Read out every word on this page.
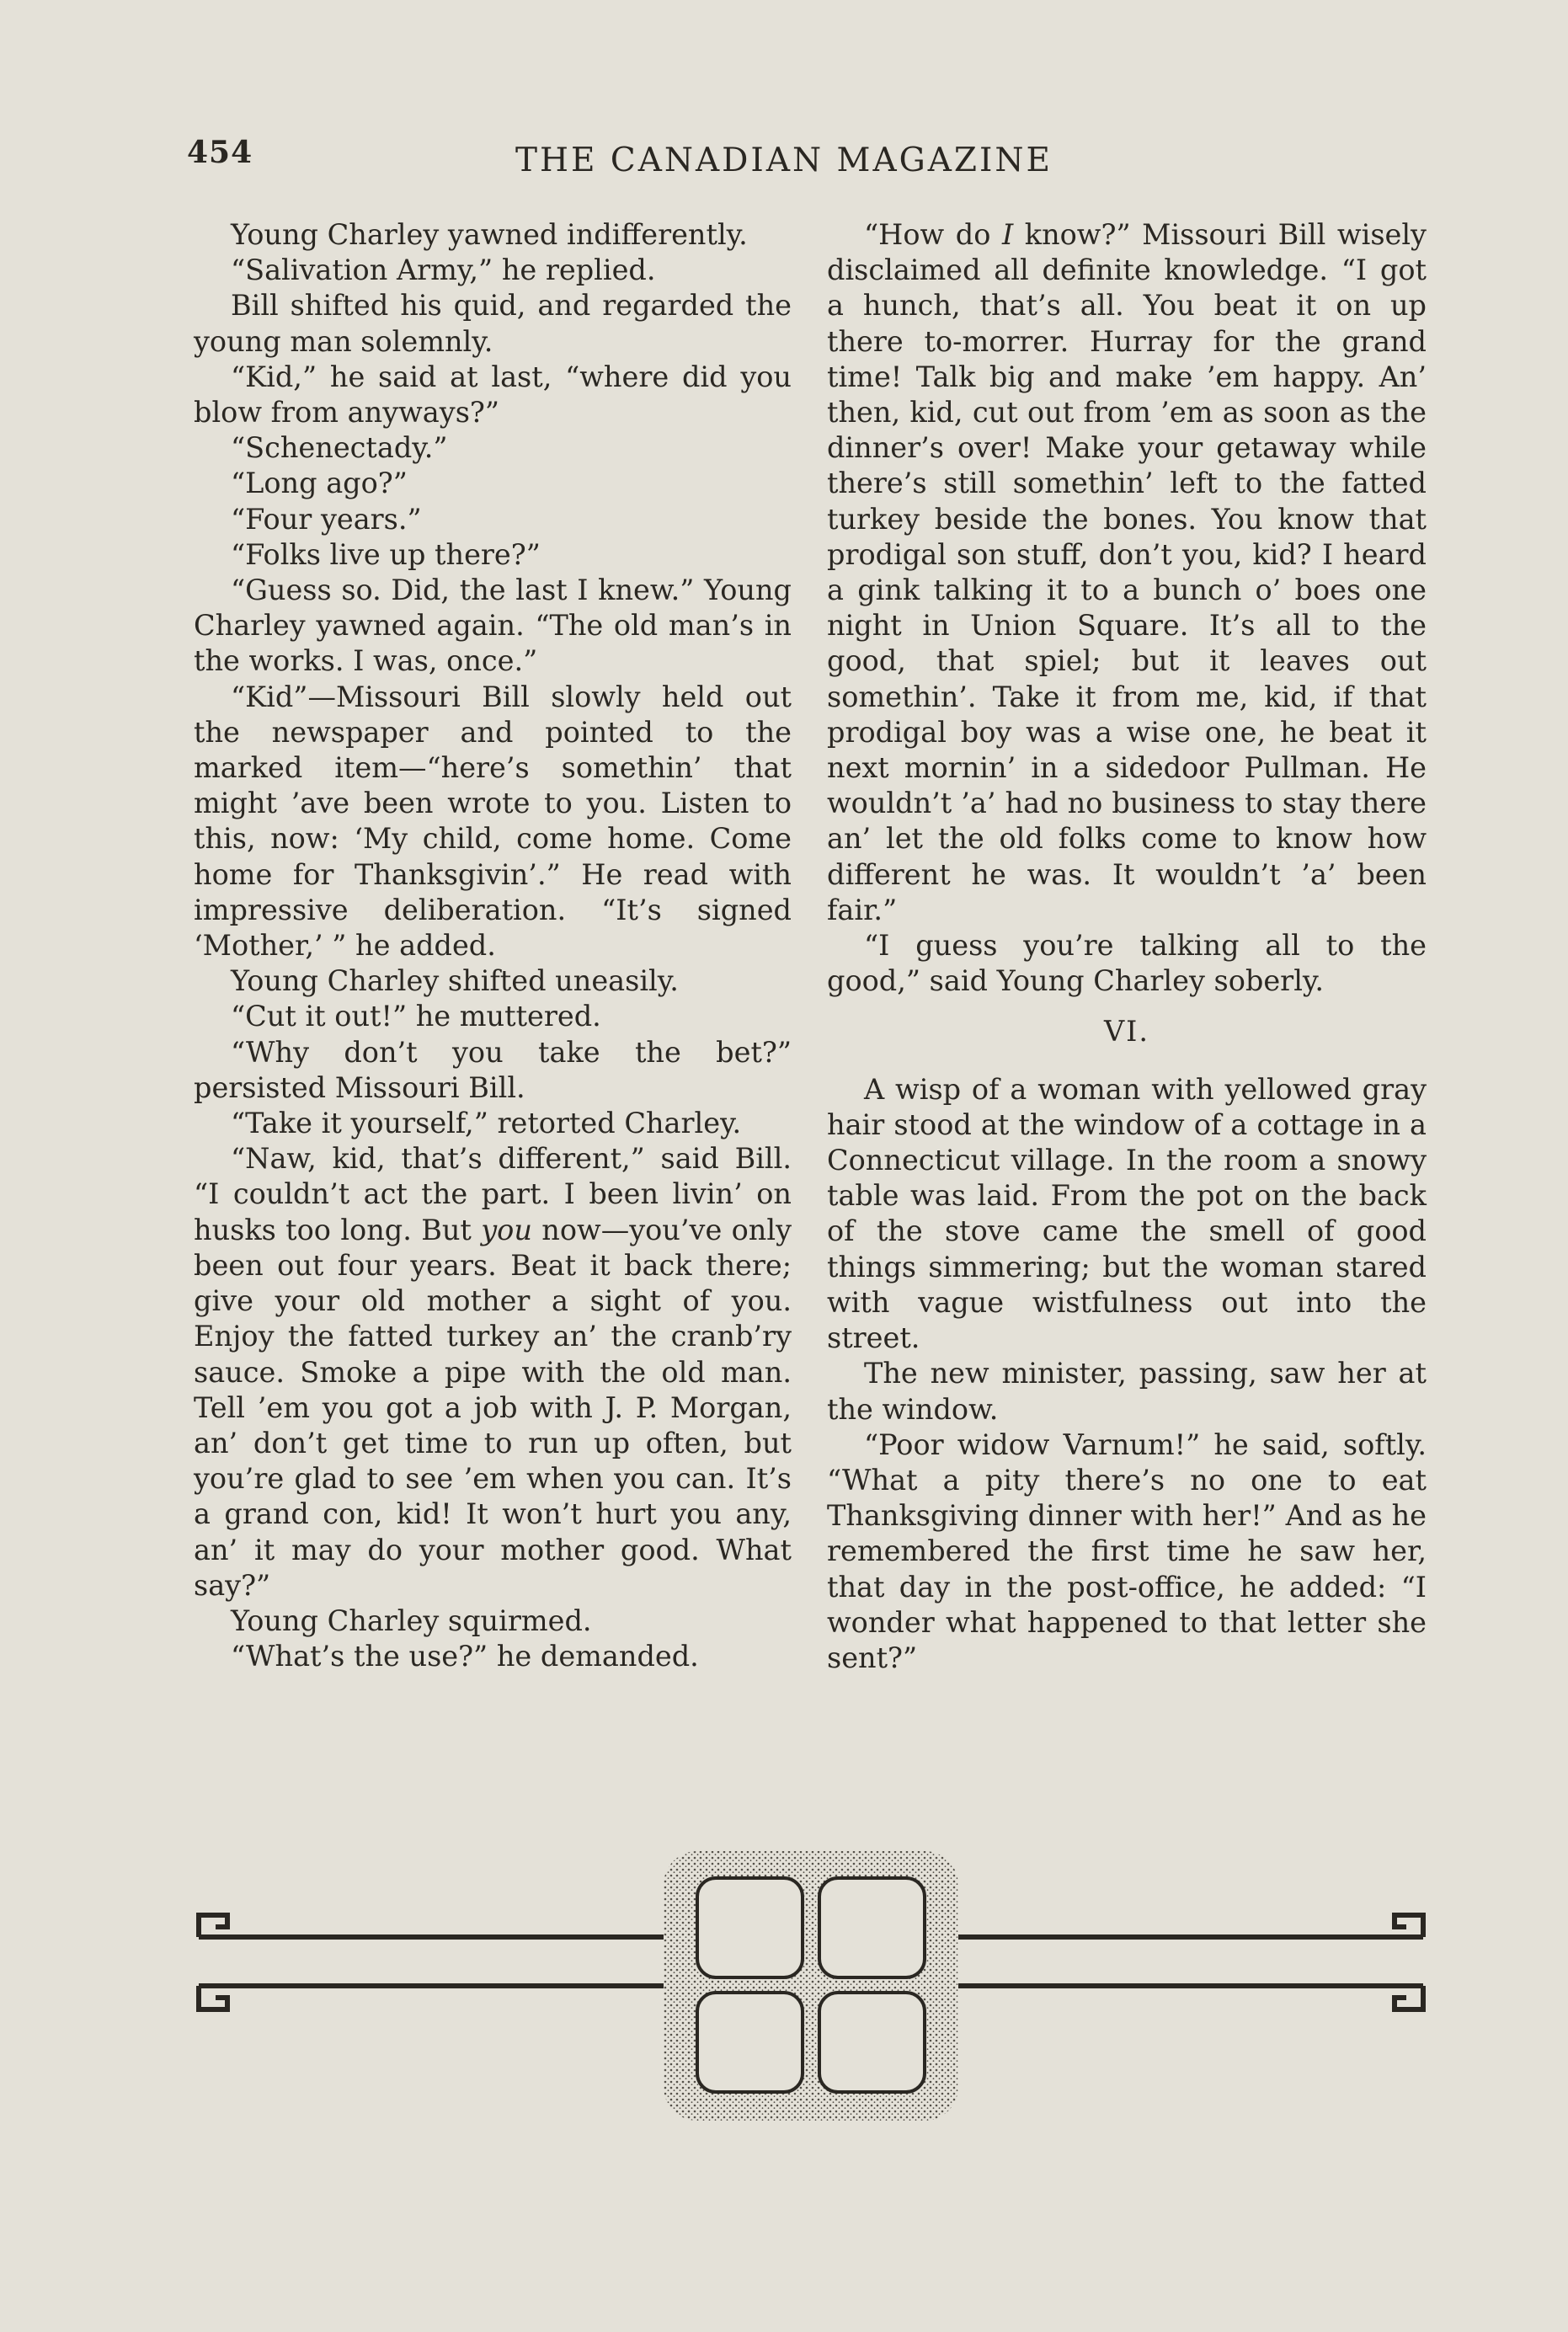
454	THE CANADIAN MAGAZINE

Young Charley yawned indifferently.

“Salivation Army,” he replied.

Bill shifted his quid, and regarded the young man solemnly.

“Kid,” he said at last, “where did you blow from anyways?”

“Schenectady.”

“Long ago?”

“Four years.”

“Folks live up there?”

“Guess so. Did, the last I knew.” Young Charley yawned again. “The old man’s in the works. I was, once.”

“Kid”—Missouri Bill slowly held out the newspaper and pointed to the marked item—“here’s somethin’ that might ’ave been wrote to you. Listen to this, now: ‘My child, come home. Come home for Thanksgivin’.” He read with impressive deliberation. “It’s signed ‘Mother,’ ” he added.

Young Charley shifted uneasily.

“Cut it out!” he muttered.

“Why don’t you take the bet?” persisted Missouri Bill.

“Take it yourself,” retorted Charley.

“Naw, kid, that’s different,” said Bill. “I couldn’t act the part. I been livin’ on husks too long. But you now—you’ve only been out four years. Beat it back there; give your old mother a sight of you. Enjoy the fatted turkey an’ the cranb’ry sauce. Smoke a pipe with the old man. Tell ’em you got a job with J. P. Morgan, an’ don’t get time to run up often, but you’re glad to see ’em when you can. It’s a grand con, kid! It won’t hurt you any, an’ it may do your mother good. What say?”

Young Charley squirmed.

“What’s the use?” he demanded.

“How do I know?” Missouri Bill wisely disclaimed all definite knowledge. “I got a hunch, that’s all. You beat it on up there to-morrer. Hurray for the grand time! Talk big and make ’em happy. An’ then, kid, cut out from ’em as soon as the dinner’s over! Make your getaway while there’s still somethin’ left to the fatted turkey beside the bones. You know that prodigal son stuff, don’t you, kid? I heard a gink talking it to a bunch o’ boes one night in Union Square. It’s all to the good, that spiel; but it leaves out somethin’. Take it from me, kid, if that prodigal boy was a wise one, he beat it next mornin’ in a sidedoor Pullman. He wouldn’t ’a’ had no business to stay there an’ let the old folks come to know how different he was. It wouldn’t ’a’ been fair.”

“I guess you’re talking all to the good,” said Young Charley soberly.

VI.

A wisp of a woman with yellowed gray hair stood at the window of a cottage in a Connecticut village. In the room a snowy table was laid. From the pot on the back of the stove came the smell of good things simmering; but the woman stared with vague wistfulness out into the street.

The new minister, passing, saw her at the window.

“Poor widow Varnum!” he said, softly. “What a pity there’s no one to eat Thanksgiving dinner with her!” And as he remembered the first time he saw her, that day in the post-office, he added: “I wonder what happened to that letter she sent?”
